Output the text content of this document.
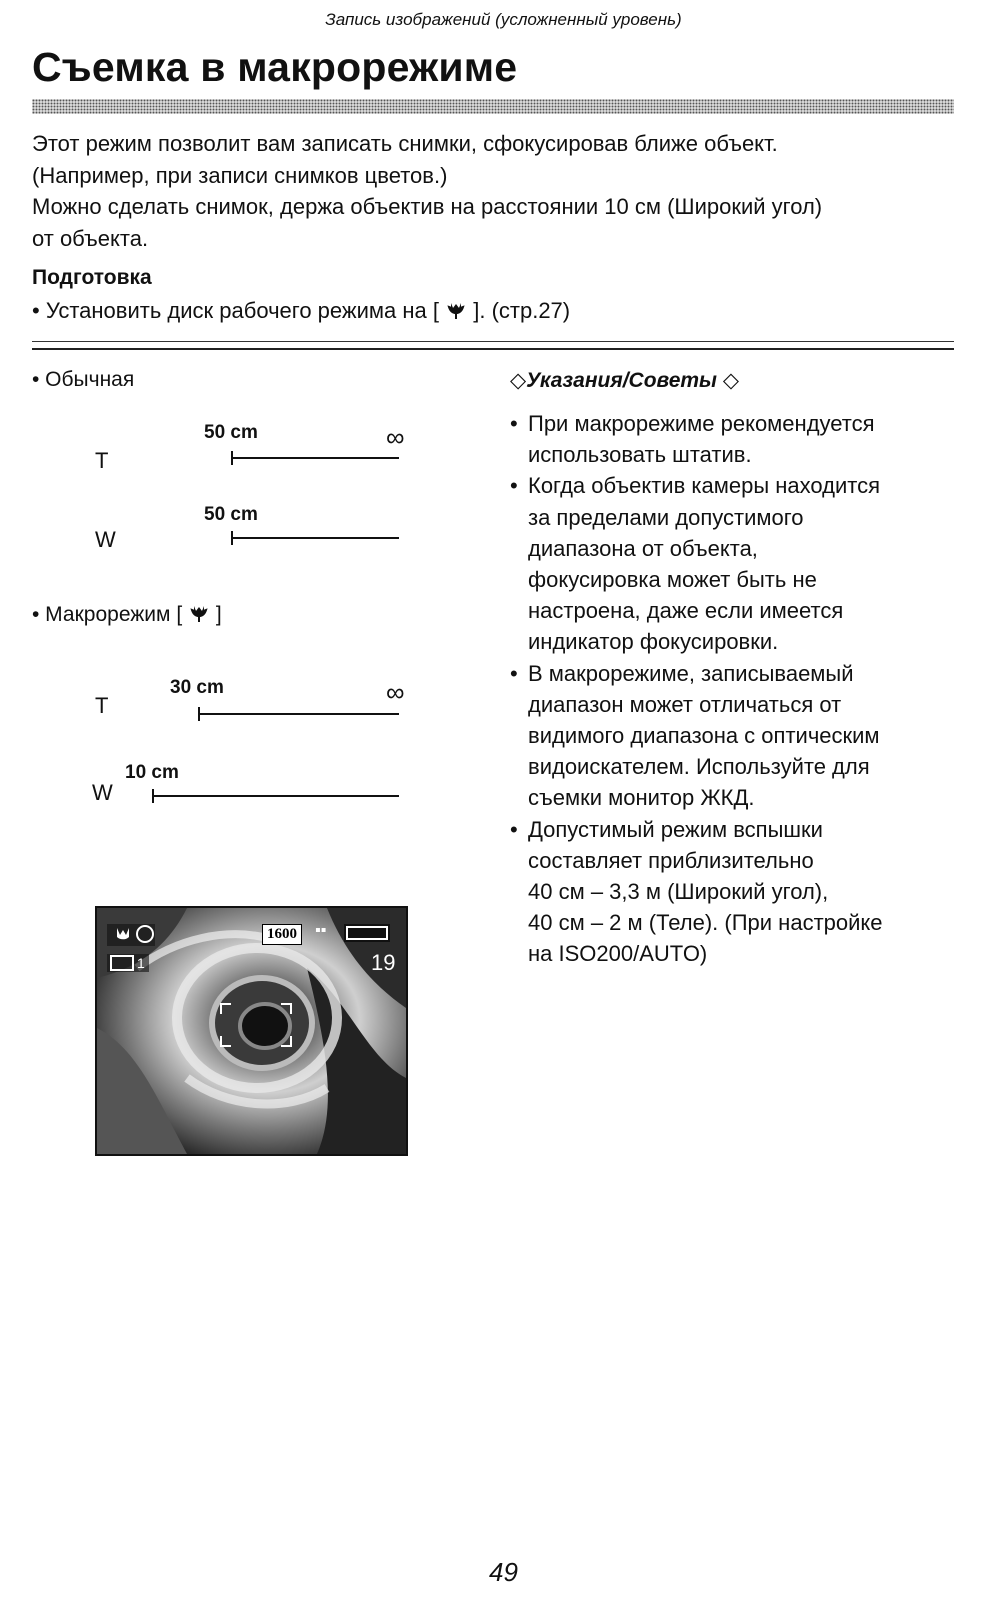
Запись изображений (усложненный уровень)
Съемка в макрорежиме
Этот режим позволит вам записать снимки, сфокусировав ближе объект.
(Например, при записи снимков цветов.)
Можно сделать снимок, держа объектив на расстоянии 10 см (Широкий угол)
от объекта.
Подготовка
• Установить диск рабочего режима на [ ]. (стр.27)
• Обычная
50 cm	∞
T
50 cm
W
• Макрорежим [ ]
30 cm	∞
T
10 cm
W
1600	▪▪
1	19
◇Указания/Советы ◇
• При макрорежиме рекомендуется
использовать штатив.
• Когда объектив камеры находится
за пределами допустимого
диапазона от объекта,
фокусировка может быть не
настроена, даже если имеется
индикатор фокусировки.
• В макрорежиме, записываемый
диапазон может отличаться от
видимого диапазона с оптическим
видоискателем. Используйте для
съемки монитор ЖКД.
• Допустимый режим вспышки
составляет приблизительно
40 см – 3,3 м (Широкий угол),
40 см – 2 м (Теле). (При настройке
на ISO200/AUTO)
49
